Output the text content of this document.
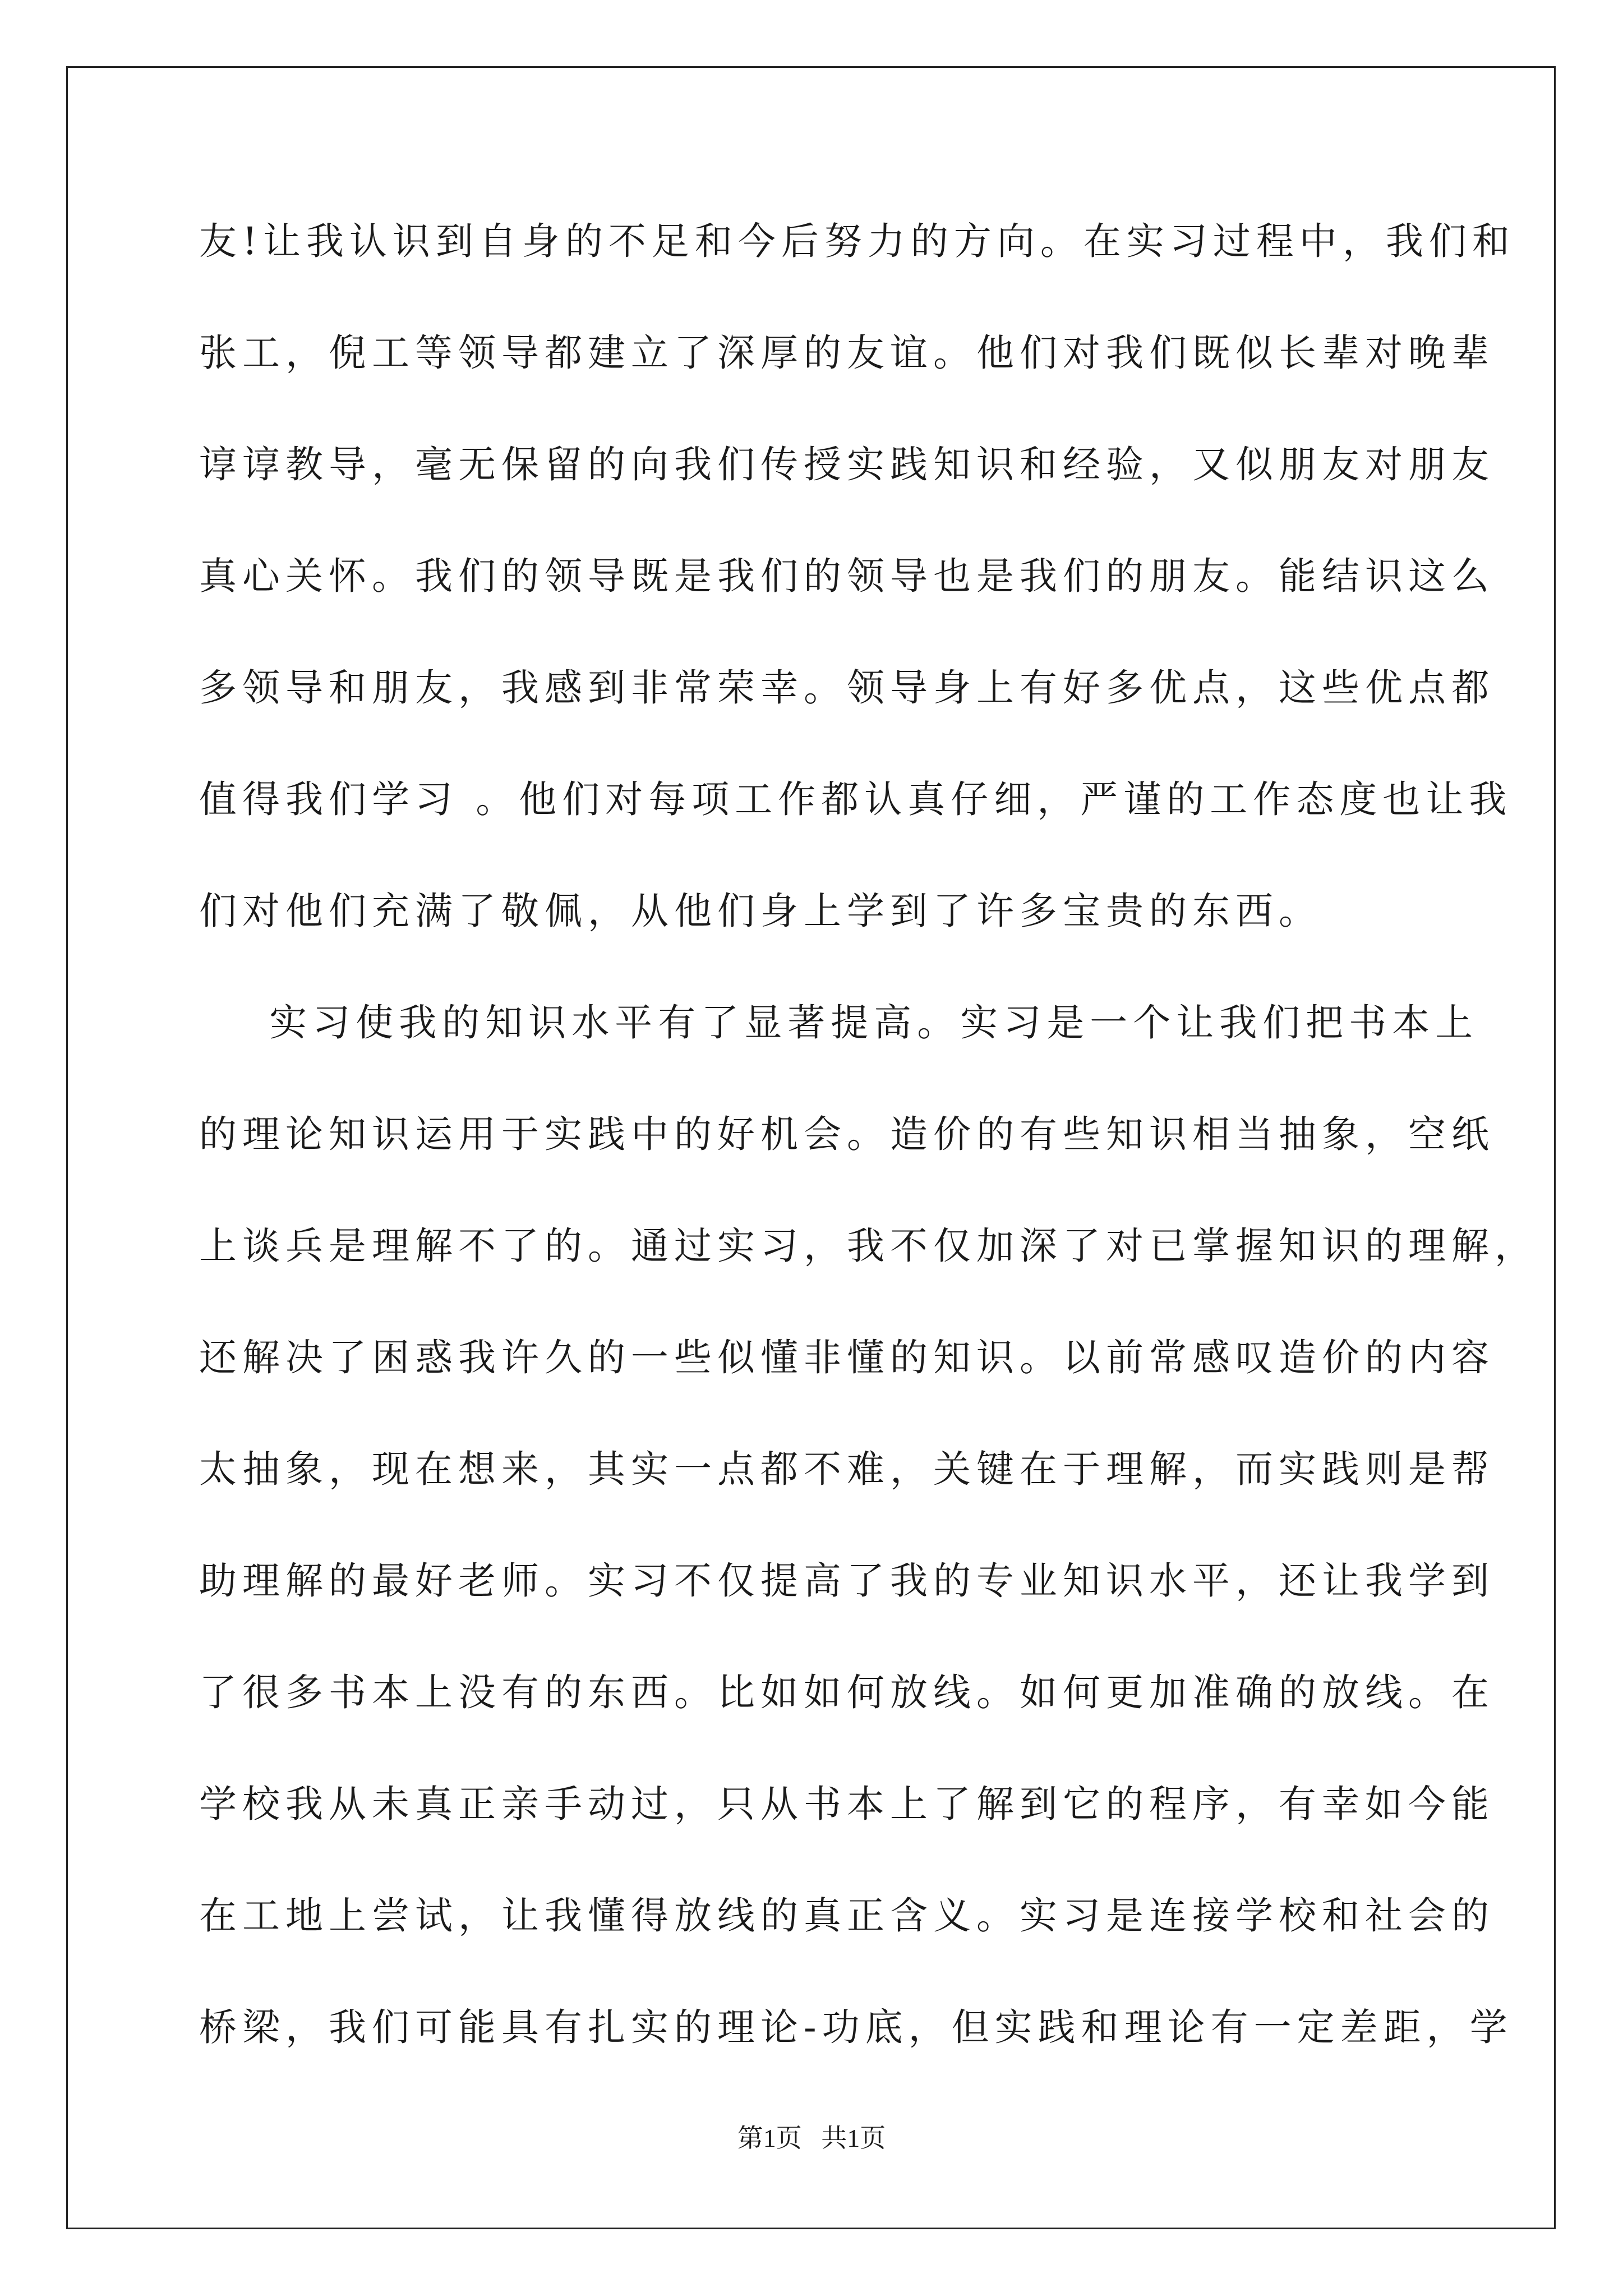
友!让我认识到自身的不足和今后努力的方向。在实习过程中，我们和
张工，倪工等领导都建立了深厚的友谊。他们对我们既似长辈对晚辈
谆谆教导，毫无保留的向我们传授实践知识和经验，又似朋友对朋友
真心关怀。我们的领导既是我们的领导也是我们的朋友。能结识这么
多领导和朋友，我感到非常荣幸。领导身上有好多优点，这些优点都
值得我们学习 。他们对每项工作都认真仔细，严谨的工作态度也让我
们对他们充满了敬佩，从他们身上学到了许多宝贵的东西。
实习使我的知识水平有了显著提高。实习是一个让我们把书本上
的理论知识运用于实践中的好机会。造价的有些知识相当抽象，空纸
上谈兵是理解不了的。通过实习，我不仅加深了对已掌握知识的理解，
还解决了困惑我许久的一些似懂非懂的知识。以前常感叹造价的内容
太抽象，现在想来，其实一点都不难，关键在于理解，而实践则是帮
助理解的最好老师。实习不仅提高了我的专业知识水平，还让我学到
了很多书本上没有的东西。比如如何放线。如何更加准确的放线。在
学校我从未真正亲手动过，只从书本上了解到它的程序，有幸如今能
在工地上尝试，让我懂得放线的真正含义。实习是连接学校和社会的
桥梁，我们可能具有扎实的理论-功底，但实践和理论有一定差距，学
第1页   共1页
